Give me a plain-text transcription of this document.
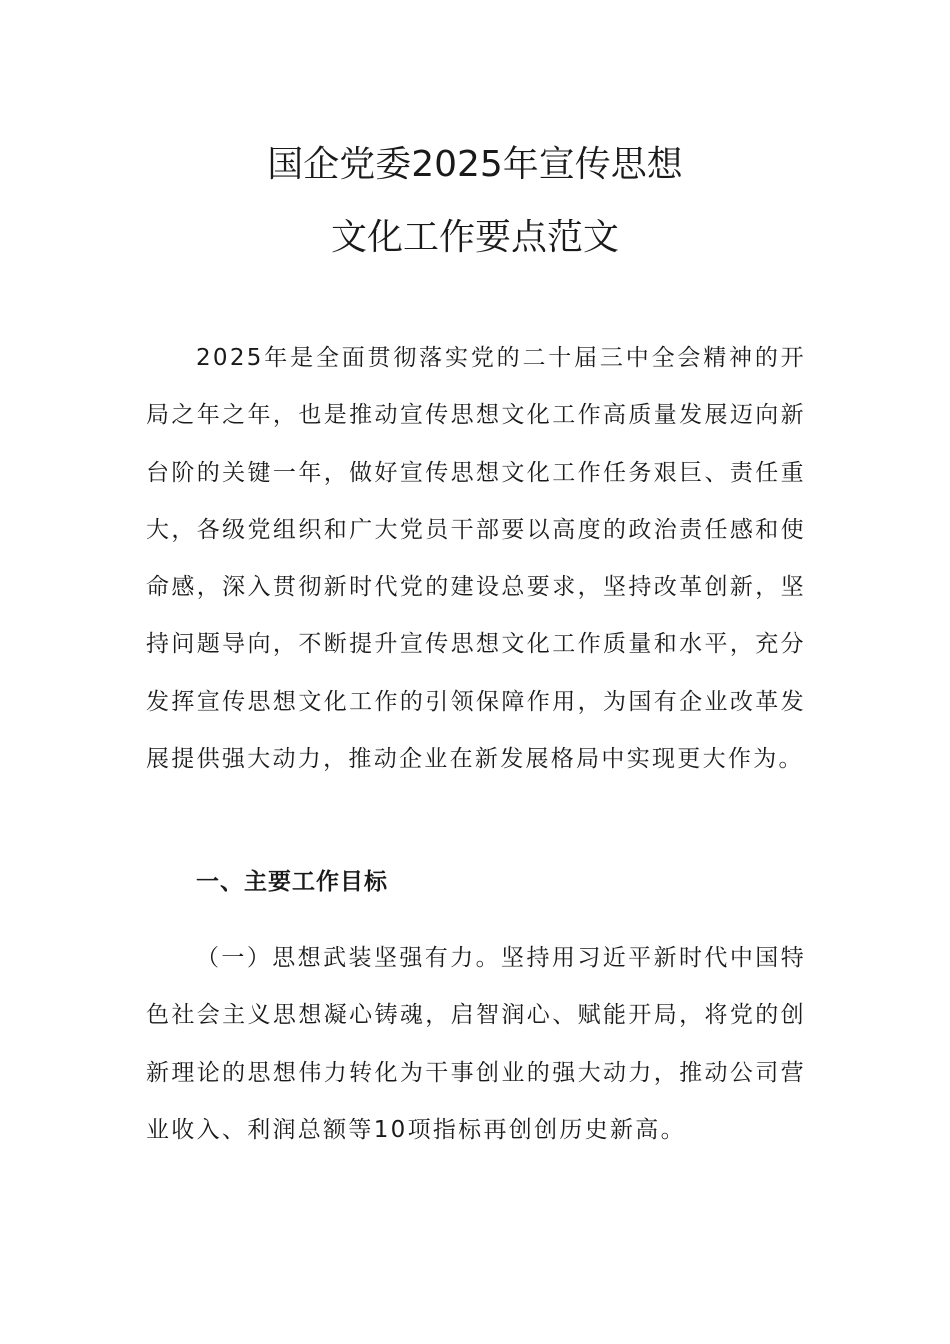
国企党委2025年宣传思想
文化工作要点范文

2025年是全面贯彻落实党的二十届三中全会精神的开局之年之年，也是推动宣传思想文化工作高质量发展迈向新台阶的关键一年，做好宣传思想文化工作任务艰巨、责任重大，各级党组织和广大党员干部要以高度的政治责任感和使命感，深入贯彻新时代党的建设总要求，坚持改革创新，坚持问题导向，不断提升宣传思想文化工作质量和水平，充分发挥宣传思想文化工作的引领保障作用，为国有企业改革发展提供强大动力，推动企业在新发展格局中实现更大作为。

一、主要工作目标

（一）思想武装坚强有力。坚持用习近平新时代中国特色社会主义思想凝心铸魂，启智润心、赋能开局，将党的创新理论的思想伟力转化为干事创业的强大动力，推动公司营业收入、利润总额等10项指标再创创历史新高。
